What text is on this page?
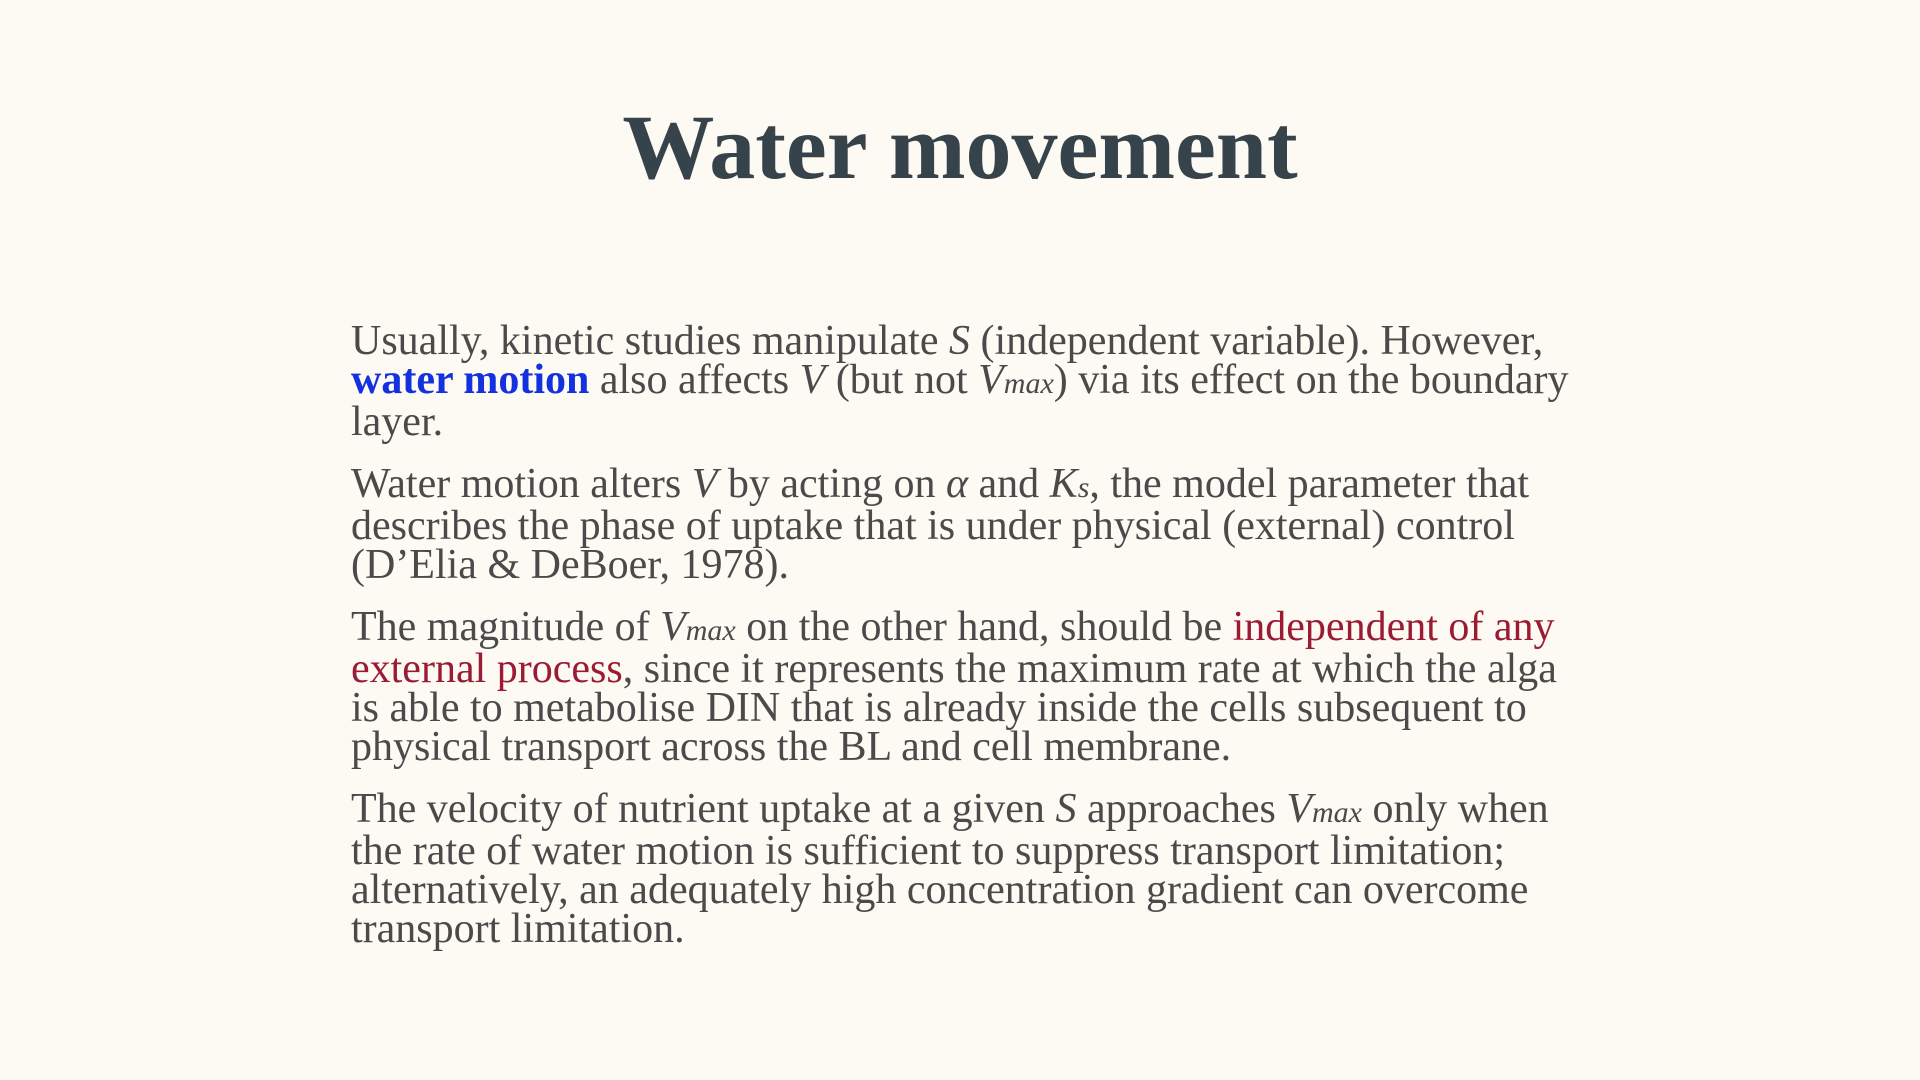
Water movement

Usually, kinetic studies manipulate S (independent variable). However, water motion also affects V (but not Vmax) via its effect on the boundary layer.

Water motion alters V by acting on α and Ks, the model parameter that describes the phase of uptake that is under physical (external) control (D’Elia & DeBoer, 1978).

The magnitude of Vmax on the other hand, should be independent of any external process, since it represents the maximum rate at which the alga is able to metabolise DIN that is already inside the cells subsequent to physical transport across the BL and cell membrane.

The velocity of nutrient uptake at a given S approaches Vmax only when the rate of water motion is sufficient to suppress transport limitation; alternatively, an adequately high concentration gradient can overcome transport limitation.
